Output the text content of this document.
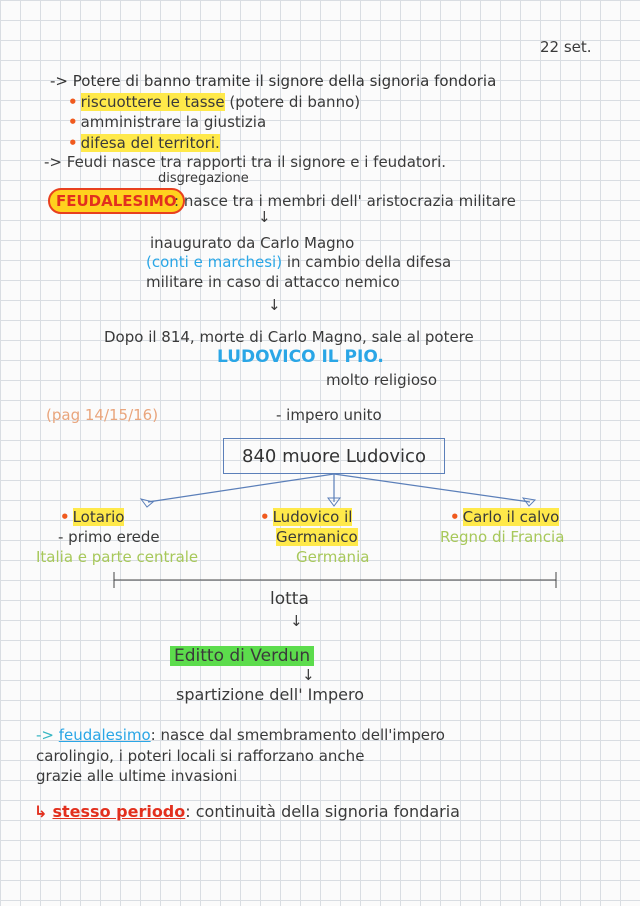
22 set.
-> Potere di banno tramite il signore della signoria fondoria
• riscuottere le tasse (potere di banno)
• amministrare la giustizia
• difesa del territori.
-> Feudi nasce tra rapporti tra il signore e i feudatori.
disgregazione
FEUDALESIMO
: nasce tra i membri dell' aristocrazia militare
↓
inaugurato da Carlo Magno
(conti e marchesi) in cambio della difesa
militare in caso di attacco nemico
↓
Dopo il 814, morte di Carlo Magno, sale al potere
LUDOVICO IL PIO.
molto religioso
(pag 14/15/16)	- impero unito
840 muore Ludovico
• Lotario
- primo erede
Italia e parte centrale
• Ludovico il
Germanico
Germania
• Carlo il calvo
Regno di Francia
lotta
↓
Editto di Verdun
↓
spartizione dell' Impero
-> feudalesimo: nasce dal smembramento dell'impero
carolingio, i poteri locali si rafforzano anche
grazie alle ultime invasioni
↳ stesso periodo: continuità della signoria fondaria
